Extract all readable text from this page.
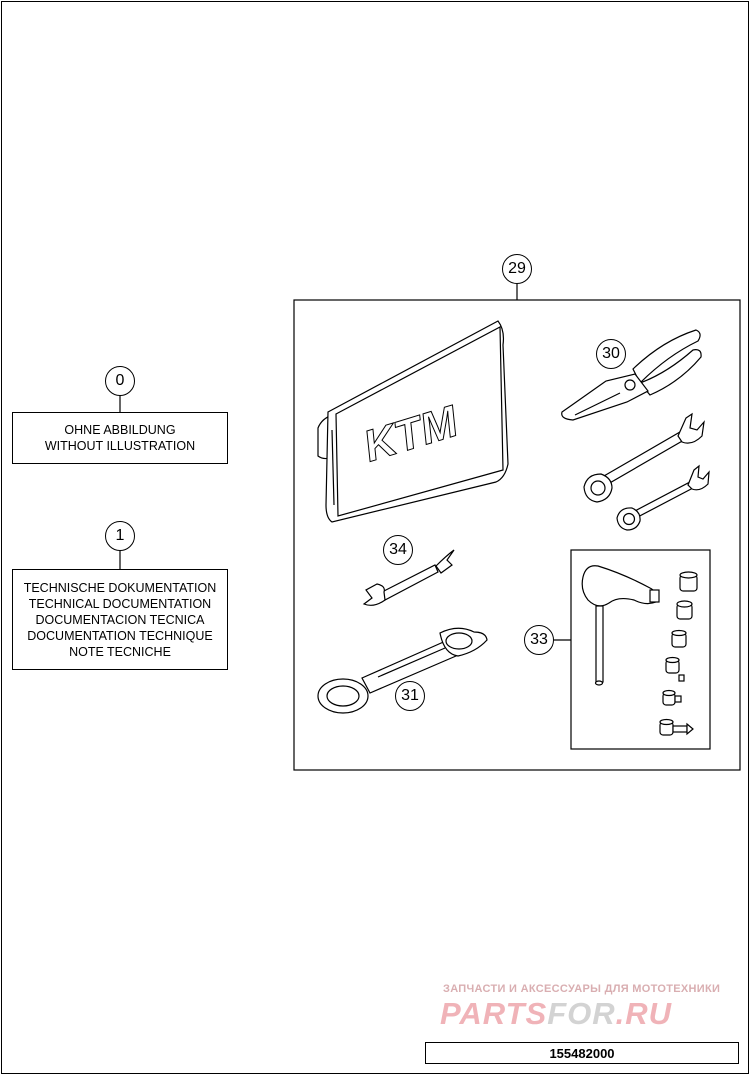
KTM
0
1
29
30
34
33
31
OHNE ABBILDUNG
WITHOUT ILLUSTRATION
TECHNISCHE DOKUMENTATION
TECHNICAL DOCUMENTATION
DOCUMENTACION TECNICA
DOCUMENTATION TECHNIQUE
NOTE TECNICHE
ЗАПЧАСТИ И АКСЕССУАРЫ ДЛЯ МОТОТЕХНИКИ
PARTSFOR.RU
155482000
